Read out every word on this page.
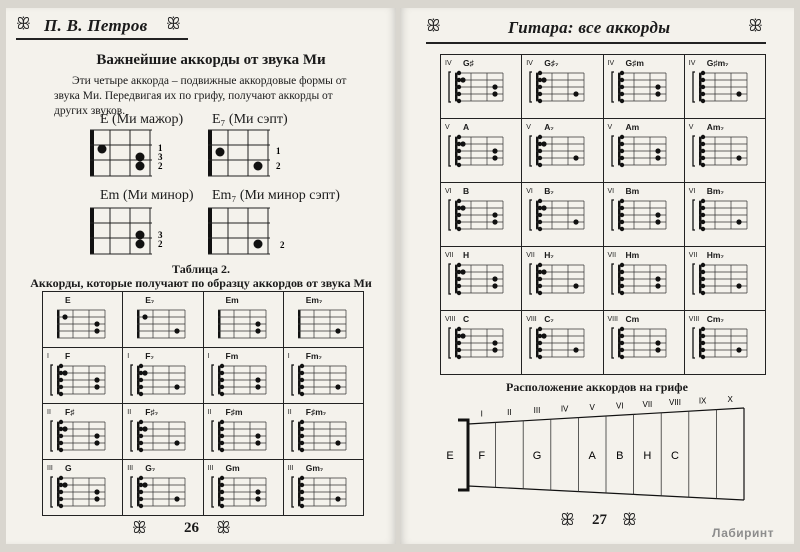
ꕥ П. В. Петров ꕥ
Важнейшие аккорды от звука Ми
Эти четыре аккорда – подвижные аккордовые формы от звука Ми. Передвигая их по грифу, получают аккорды от других звуков.
E (Ми мажор) E₇ (Ми сэпт)
Em (Ми минор) Em₇ (Ми минор сэпт)
1
3
2
1
2
3
2	2
Таблица 2.
Аккорды, которые получают по образцу аккордов от звука Ми
E	E₇	Em	Em₇

I F	I F₇	I Fm	I Fm₇

II F♯	II F♯₇	II F♯m	II F♯m₇

III G	III G₇	III Gm	III Gm₇
ꕥ 26 ꕥ
ꕥ	Гитара: все аккорды	ꕥ
IV G♯	IV G♯₇	IV G♯m	IV G♯m₇

V A	V A₇	V Am	V Am₇

VI B	VI B₇	VI Bm	VI Bm₇

VII H	VII H₇	VII Hm	VII Hm₇

VIII C	VIII C₇	VIII Cm	VIII Cm₇
Расположение аккордов на грифе
I	II	III	IV	V	VI VII VIII IX	X
E F	G	A B H C
ꕥ 27 ꕥ
Лабиринт
